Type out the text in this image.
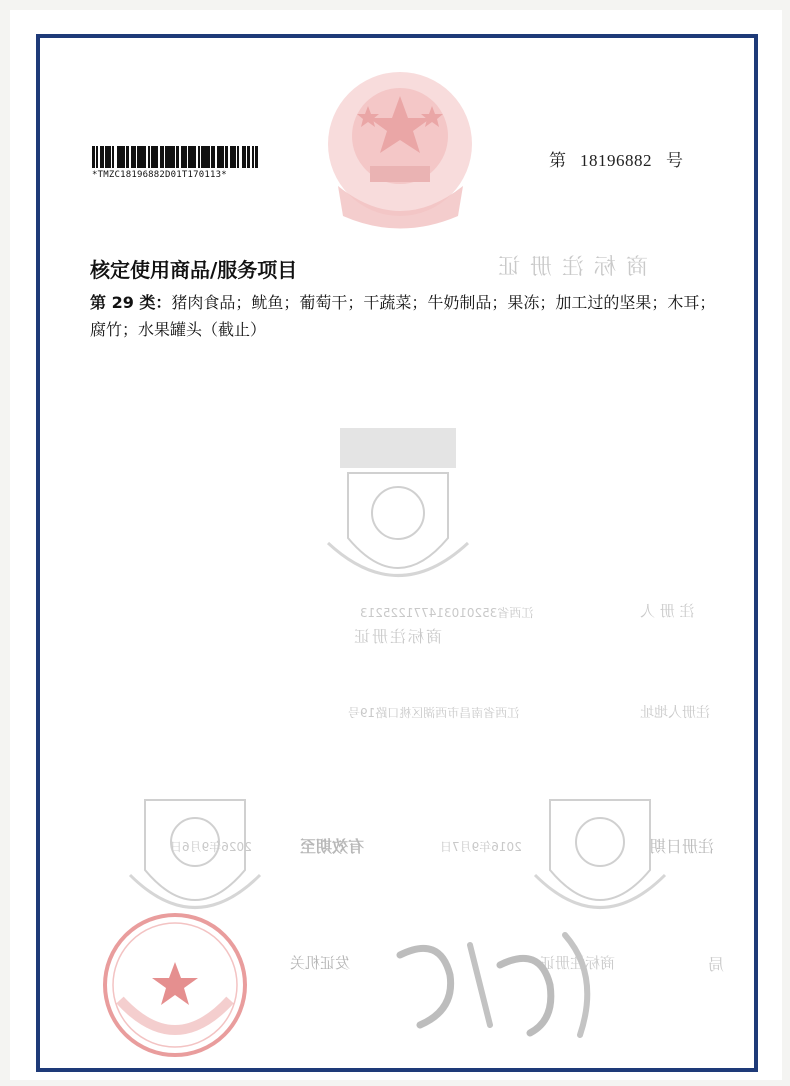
*TMZC18196882D01T170113*
第 18196882 号
核定使用商品/服务项目
第 29 类：猪肉食品；鱿鱼；葡萄干；干蔬菜；牛奶制品；果冻；加工过的坚果；木耳；腐竹；水果罐头（截止）
商标注册证
注 册 人
江西省352010314771225213
商标注册证
注册人地址
江西省南昌市西湖区桃口路19号
有效期至
2026年9月6日	注册日期
2016年9月7日
发证机关	商标注册证	局
